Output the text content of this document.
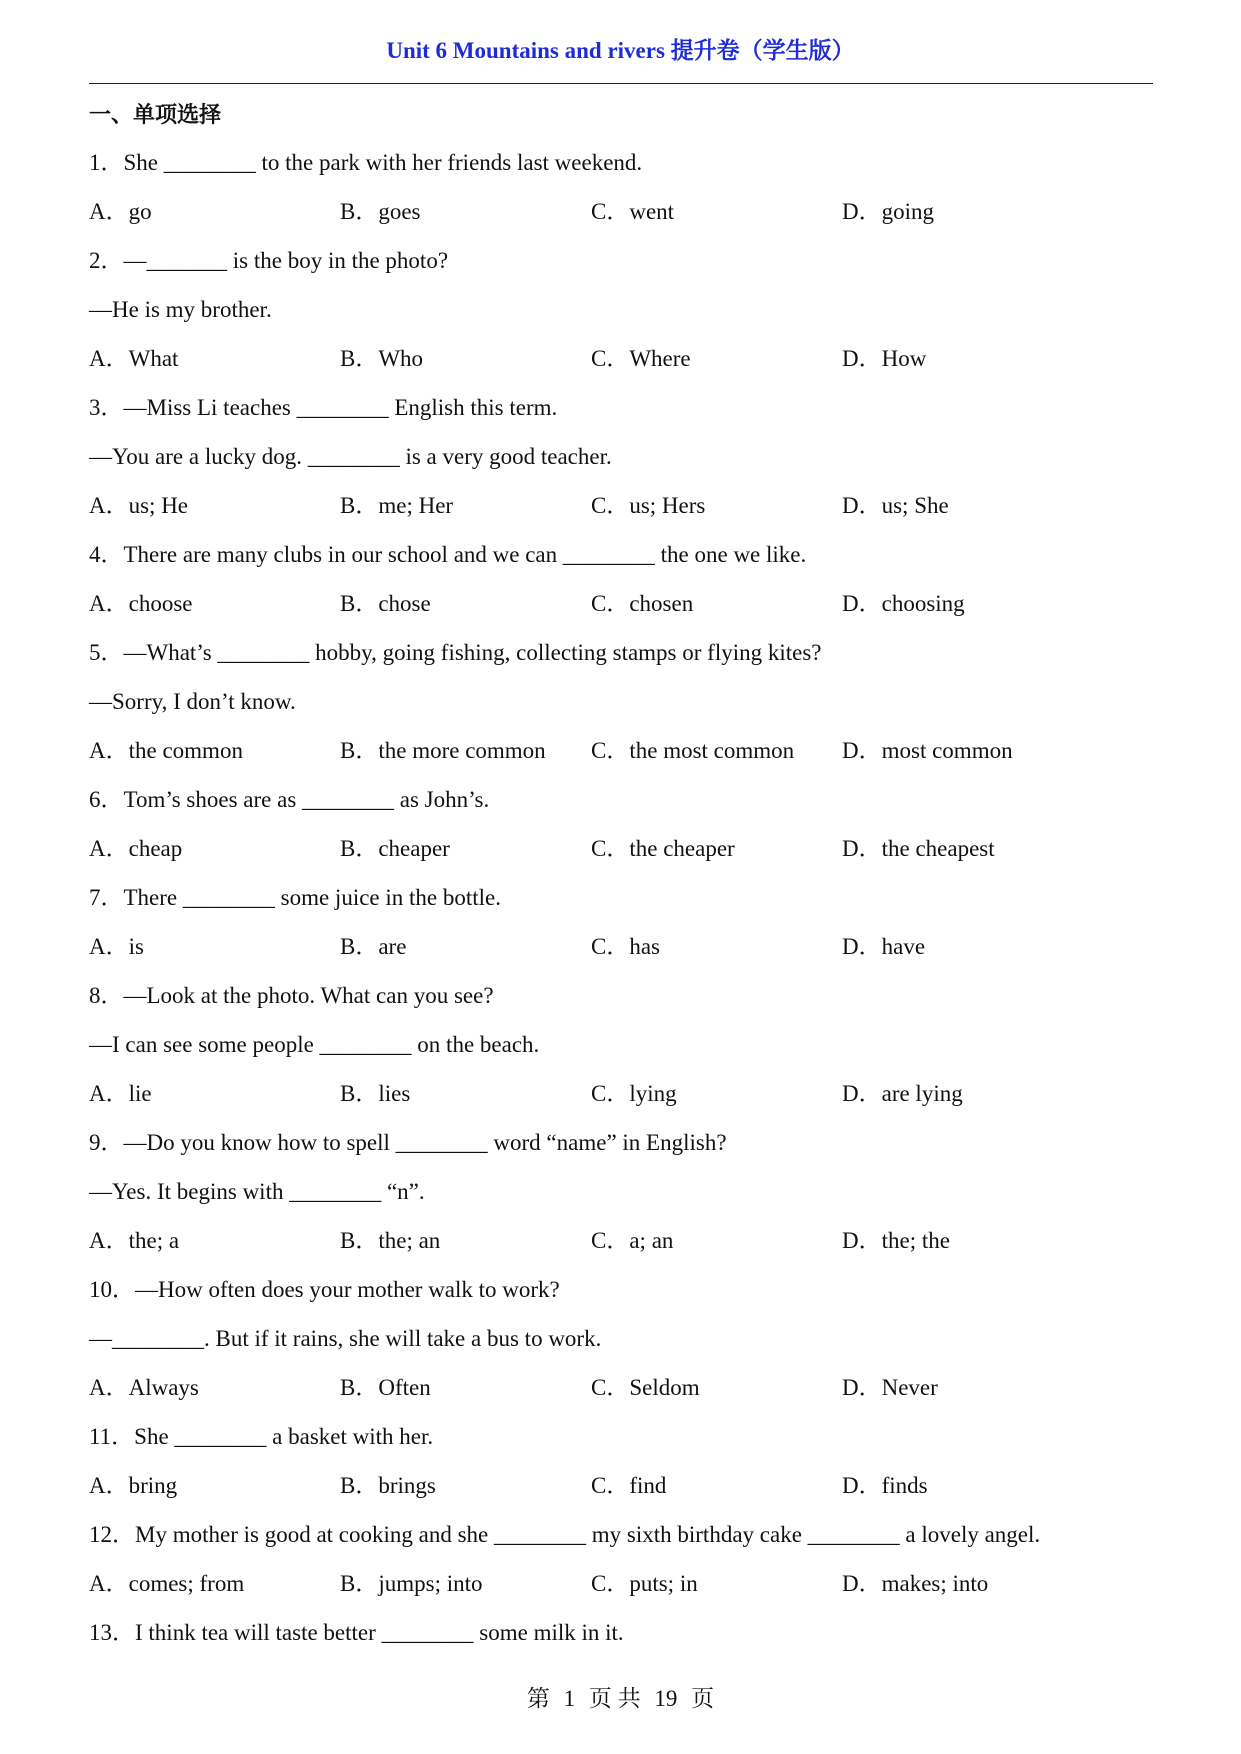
Unit 6 Mountains and rivers 提升卷（学生版）
一、单项选择
1．She ________ to the park with her friends last weekend.
A．go	B．goes	C．went	D．going
2．—_______ is the boy in the photo?
—He is my brother.
A．What	B．Who	C．Where	D．How
3．—Miss Li teaches ________ English this term.
—You are a lucky dog. ________ is a very good teacher.
A．us; He	B．me; Her	C．us; Hers	D．us; She
4．There are many clubs in our school and we can ________ the one we like.
A．choose	B．chose	C．chosen	D．choosing
5．—What’s ________ hobby, going fishing, collecting stamps or flying kites?
—Sorry, I don’t know.
A．the common	B．the more common	C．the most common	D．most common
6．Tom’s shoes are as ________ as John’s.
A．cheap	B．cheaper	C．the cheaper	D．the cheapest
7．There ________ some juice in the bottle.
A．is	B．are	C．has	D．have
8．—Look at the photo. What can you see?
—I can see some people ________ on the beach.
A．lie	B．lies	C．lying	D．are lying
9．—Do you know how to spell ________ word “name” in English?
—Yes. It begins with ________ “n”.
A．the; a	B．the; an	C．a; an	D．the; the
10．—How often does your mother walk to work?
—________. But if it rains, she will take a bus to work.
A．Always	B．Often	C．Seldom	D．Never
11．She ________ a basket with her.
A．bring	B．brings	C．find	D．finds
12．My mother is good at cooking and she ________ my sixth birthday cake ________ a lovely angel.
A．comes; from	B．jumps; into	C．puts; in	D．makes; into
13．I think tea will taste better ________ some milk in it.
第 1 页 共 19 页
